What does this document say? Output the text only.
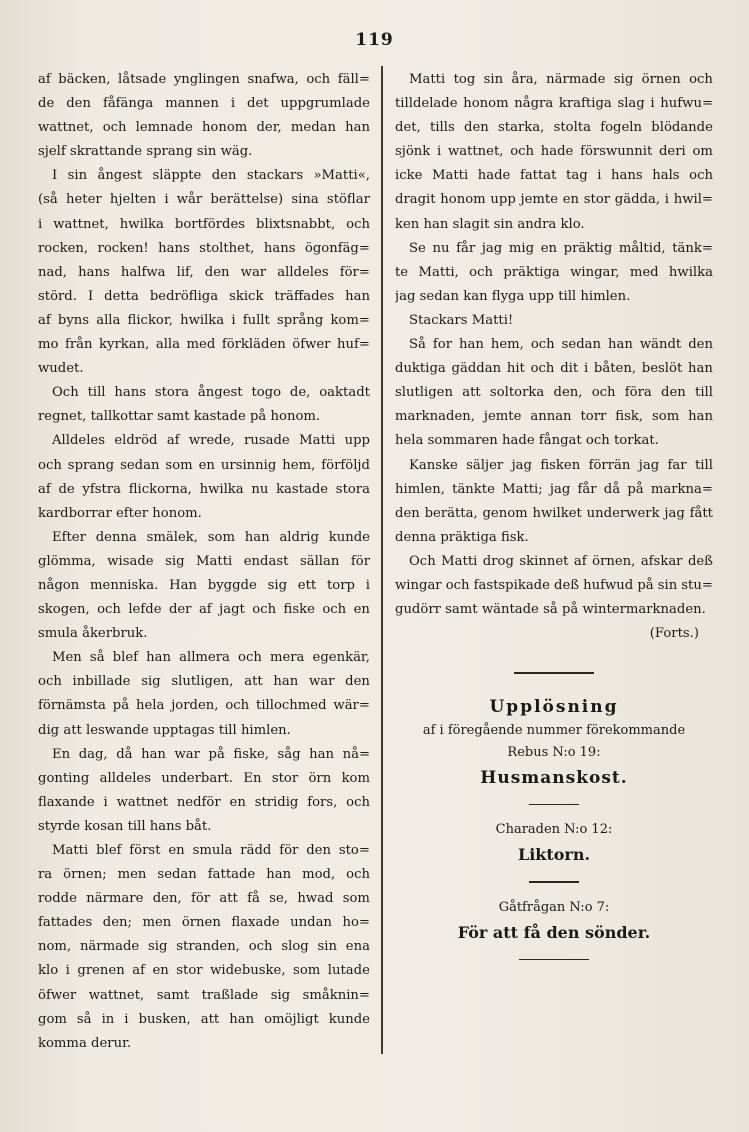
119
af bäcken, låtsade ynglingen snafwa, och fäll=
de den fåfänga mannen i det uppgrumlade
wattnet, och lemnade honom der, medan han
sjelf skrattande sprang sin wäg.
I sin ångest släppte den stackars »Matti«,
(så heter hjelten i wår berättelse) sina stöflar
i wattnet, hwilka bortfördes blixtsnabbt, och
rocken, rocken! hans stolthet, hans ögonfäg=
nad, hans halfwa lif, den war alldeles för=
störd. I detta bedröfliga skick träffades han
af byns alla flickor, hwilka i fullt språng kom=
mo från kyrkan, alla med förkläden öfwer huf=
wudet.
Och till hans stora ångest togo de, oaktadt
regnet, tallkottar samt kastade på honom.
Alldeles eldröd af wrede, rusade Matti upp
och sprang sedan som en ursinnig hem, förföljd
af de yfstra flickorna, hwilka nu kastade stora
kardborrar efter honom.
Efter denna smälek, som han aldrig kunde
glömma, wisade sig Matti endast sällan för
någon menniska. Han byggde sig ett torp i
skogen, och lefde der af jagt och fiske och en
smula åkerbruk.
Men så blef han allmera och mera egenkär,
och inbillade sig slutligen, att han war den
förnämsta på hela jorden, och tillochmed wär=
dig att leswande upptagas till himlen.
En dag, då han war på fiske, såg han nå=
gonting alldeles underbart. En stor örn kom
flaxande i wattnet nedför en stridig fors, och
styrde kosan till hans båt.
Matti blef först en smula rädd för den sto=
ra örnen; men sedan fattade han mod, och
rodde närmare den, för att få se, hwad som
fattades den; men örnen flaxade undan ho=
nom, närmade sig stranden, och slog sin ena
klo i grenen af en stor widebuske, som lutade
öfwer wattnet, samt traßlade sig småknin=
gom så in i busken, att han omöjligt kunde
komma derur.
Matti tog sin åra, närmade sig örnen och
tilldelade honom några kraftiga slag i hufwu=
det, tills den starka, stolta fogeln blödande
sjönk i wattnet, och hade förswunnit deri om
icke Matti hade fattat tag i hans hals och
dragit honom upp jemte en stor gädda, i hwil=
ken han slagit sin andra klo.
Se nu får jag mig en präktig måltid, tänk=
te Matti, och präktiga wingar, med hwilka
jag sedan kan flyga upp till himlen.
Stackars Matti!
Så for han hem, och sedan han wändt den
duktiga gäddan hit och dit i båten, beslöt han
slutligen att soltorka den, och föra den till
marknaden, jemte annan torr fisk, som han
hela sommaren hade fångat och torkat.
Kanske säljer jag fisken förrän jag far till
himlen, tänkte Matti; jag får då på markna=
den berätta, genom hwilket underwerk jag fått
denna präktiga fisk.
Och Matti drog skinnet af örnen, afskar deß
wingar och fastspikade deß hufwud på sin stu=
gudörr samt wäntade så på wintermarknaden.
(Forts.)
Upplösning
af i föregående nummer förekommande
Rebus N:o 19:
Husmanskost.
Charaden N:o 12:
Liktorn.
Gåtfrågan N:o 7:
För att få den sönder.
